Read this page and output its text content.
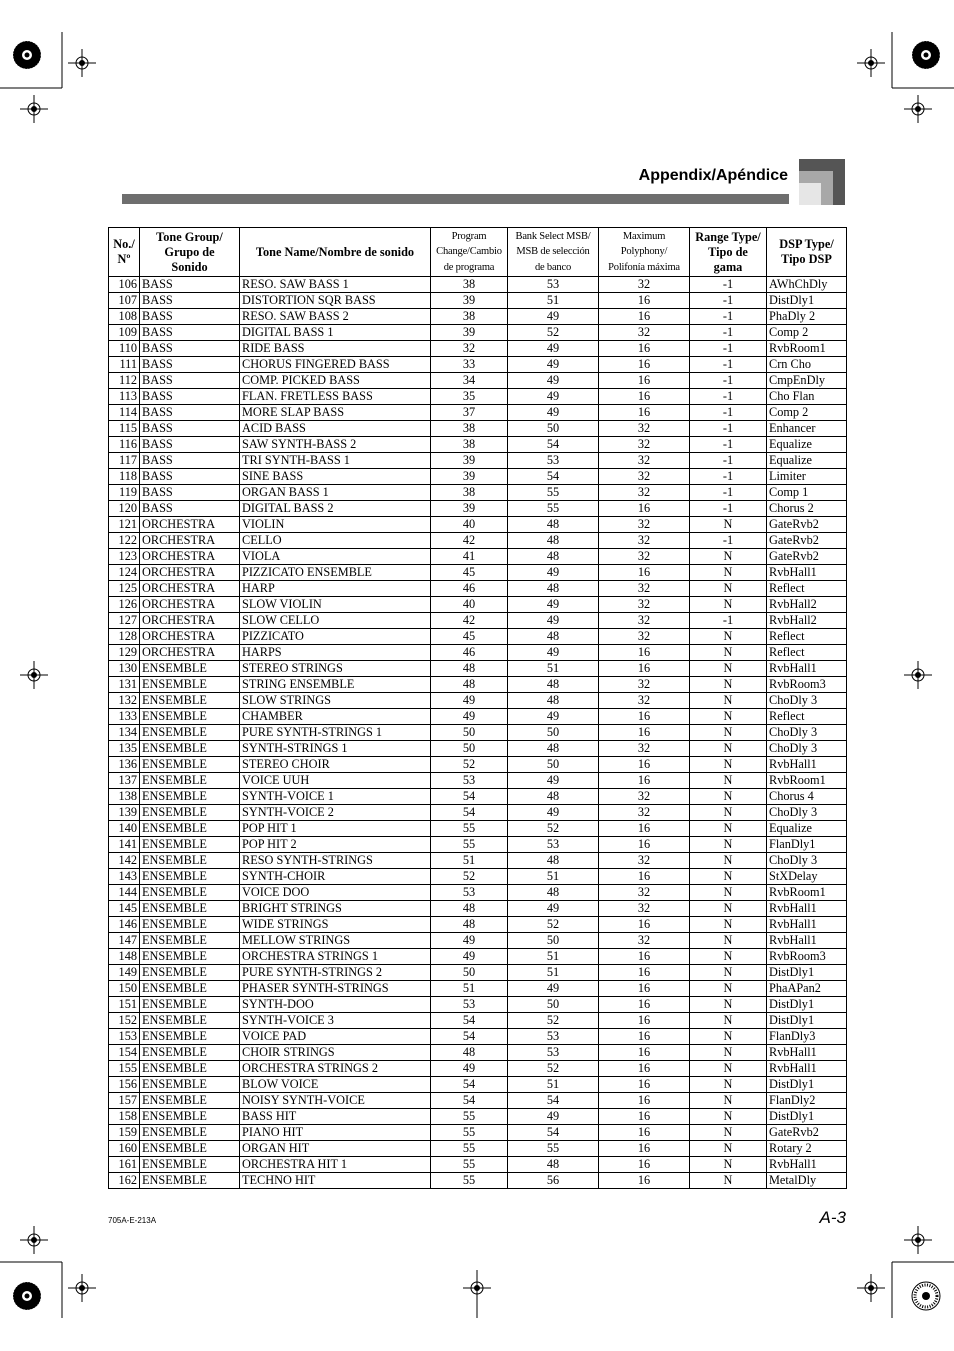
Appendix/Apéndice
No./
Nº	Tone Group/
Grupo de
Sonido	Tone Name/Nombre de sonido	Program
Change/Cambio
de programa	Bank Select MSB/
MSB de selección
de banco	Maximum
Polyphony/
Polifonía máxima	Range Type/
Tipo de
gama	DSP Type/
Tipo DSP
106	BASS	RESO. SAW BASS 1	38	53	32	-1	AWhChDly
107	BASS	DISTORTION SQR BASS	39	51	16	-1	DistDly1
108	BASS	RESO. SAW BASS 2	38	49	16	-1	PhaDly 2
109	BASS	DIGITAL BASS 1	39	52	32	-1	Comp 2
110	BASS	RIDE BASS	32	49	16	-1	RvbRoom1
111	BASS	CHORUS FINGERED BASS	33	49	16	-1	Crn Cho
112	BASS	COMP. PICKED BASS	34	49	16	-1	CmpEnDly
113	BASS	FLAN. FRETLESS BASS	35	49	16	-1	Cho Flan
114	BASS	MORE SLAP BASS	37	49	16	-1	Comp 2
115	BASS	ACID BASS	38	50	32	-1	Enhancer
116	BASS	SAW SYNTH-BASS 2	38	54	32	-1	Equalize
117	BASS	TRI SYNTH-BASS 1	39	53	32	-1	Equalize
118	BASS	SINE BASS	39	54	32	-1	Limiter
119	BASS	ORGAN BASS 1	38	55	32	-1	Comp 1
120	BASS	DIGITAL BASS 2	39	55	16	-1	Chorus 2
121	ORCHESTRA	VIOLIN	40	48	32	N	GateRvb2
122	ORCHESTRA	CELLO	42	48	32	-1	GateRvb2
123	ORCHESTRA	VIOLA	41	48	32	N	GateRvb2
124	ORCHESTRA	PIZZICATO ENSEMBLE	45	49	16	N	RvbHall1
125	ORCHESTRA	HARP	46	48	32	N	Reflect
126	ORCHESTRA	SLOW VIOLIN	40	49	32	N	RvbHall2
127	ORCHESTRA	SLOW CELLO	42	49	32	-1	RvbHall2
128	ORCHESTRA	PIZZICATO	45	48	32	N	Reflect
129	ORCHESTRA	HARPS	46	49	16	N	Reflect
130	ENSEMBLE	STEREO STRINGS	48	51	16	N	RvbHall1
131	ENSEMBLE	STRING ENSEMBLE	48	48	32	N	RvbRoom3
132	ENSEMBLE	SLOW STRINGS	49	48	32	N	ChoDly 3
133	ENSEMBLE	CHAMBER	49	49	16	N	Reflect
134	ENSEMBLE	PURE SYNTH-STRINGS 1	50	50	16	N	ChoDly 3
135	ENSEMBLE	SYNTH-STRINGS 1	50	48	32	N	ChoDly 3
136	ENSEMBLE	STEREO CHOIR	52	50	16	N	RvbHall1
137	ENSEMBLE	VOICE UUH	53	49	16	N	RvbRoom1
138	ENSEMBLE	SYNTH-VOICE 1	54	48	32	N	Chorus 4
139	ENSEMBLE	SYNTH-VOICE 2	54	49	32	N	ChoDly 3
140	ENSEMBLE	POP HIT 1	55	52	16	N	Equalize
141	ENSEMBLE	POP HIT 2	55	53	16	N	FlanDly1
142	ENSEMBLE	RESO SYNTH-STRINGS	51	48	32	N	ChoDly 3
143	ENSEMBLE	SYNTH-CHOIR	52	51	16	N	StXDelay
144	ENSEMBLE	VOICE DOO	53	48	32	N	RvbRoom1
145	ENSEMBLE	BRIGHT STRINGS	48	49	32	N	RvbHall1
146	ENSEMBLE	WIDE STRINGS	48	52	16	N	RvbHall1
147	ENSEMBLE	MELLOW STRINGS	49	50	32	N	RvbHall1
148	ENSEMBLE	ORCHESTRA STRINGS 1	49	51	16	N	RvbRoom3
149	ENSEMBLE	PURE SYNTH-STRINGS 2	50	51	16	N	DistDly1
150	ENSEMBLE	PHASER SYNTH-STRINGS	51	49	16	N	PhaAPan2
151	ENSEMBLE	SYNTH-DOO	53	50	16	N	DistDly1
152	ENSEMBLE	SYNTH-VOICE 3	54	52	16	N	DistDly1
153	ENSEMBLE	VOICE PAD	54	53	16	N	FlanDly3
154	ENSEMBLE	CHOIR STRINGS	48	53	16	N	RvbHall1
155	ENSEMBLE	ORCHESTRA STRINGS 2	49	52	16	N	RvbHall1
156	ENSEMBLE	BLOW VOICE	54	51	16	N	DistDly1
157	ENSEMBLE	NOISY SYNTH-VOICE	54	54	16	N	FlanDly2
158	ENSEMBLE	BASS HIT	55	49	16	N	DistDly1
159	ENSEMBLE	PIANO HIT	55	54	16	N	GateRvb2
160	ENSEMBLE	ORGAN HIT	55	55	16	N	Rotary 2
161	ENSEMBLE	ORCHESTRA HIT 1	55	48	16	N	RvbHall1
162	ENSEMBLE	TECHNO HIT	55	56	16	N	MetalDly
705A-E-213A	A-3
